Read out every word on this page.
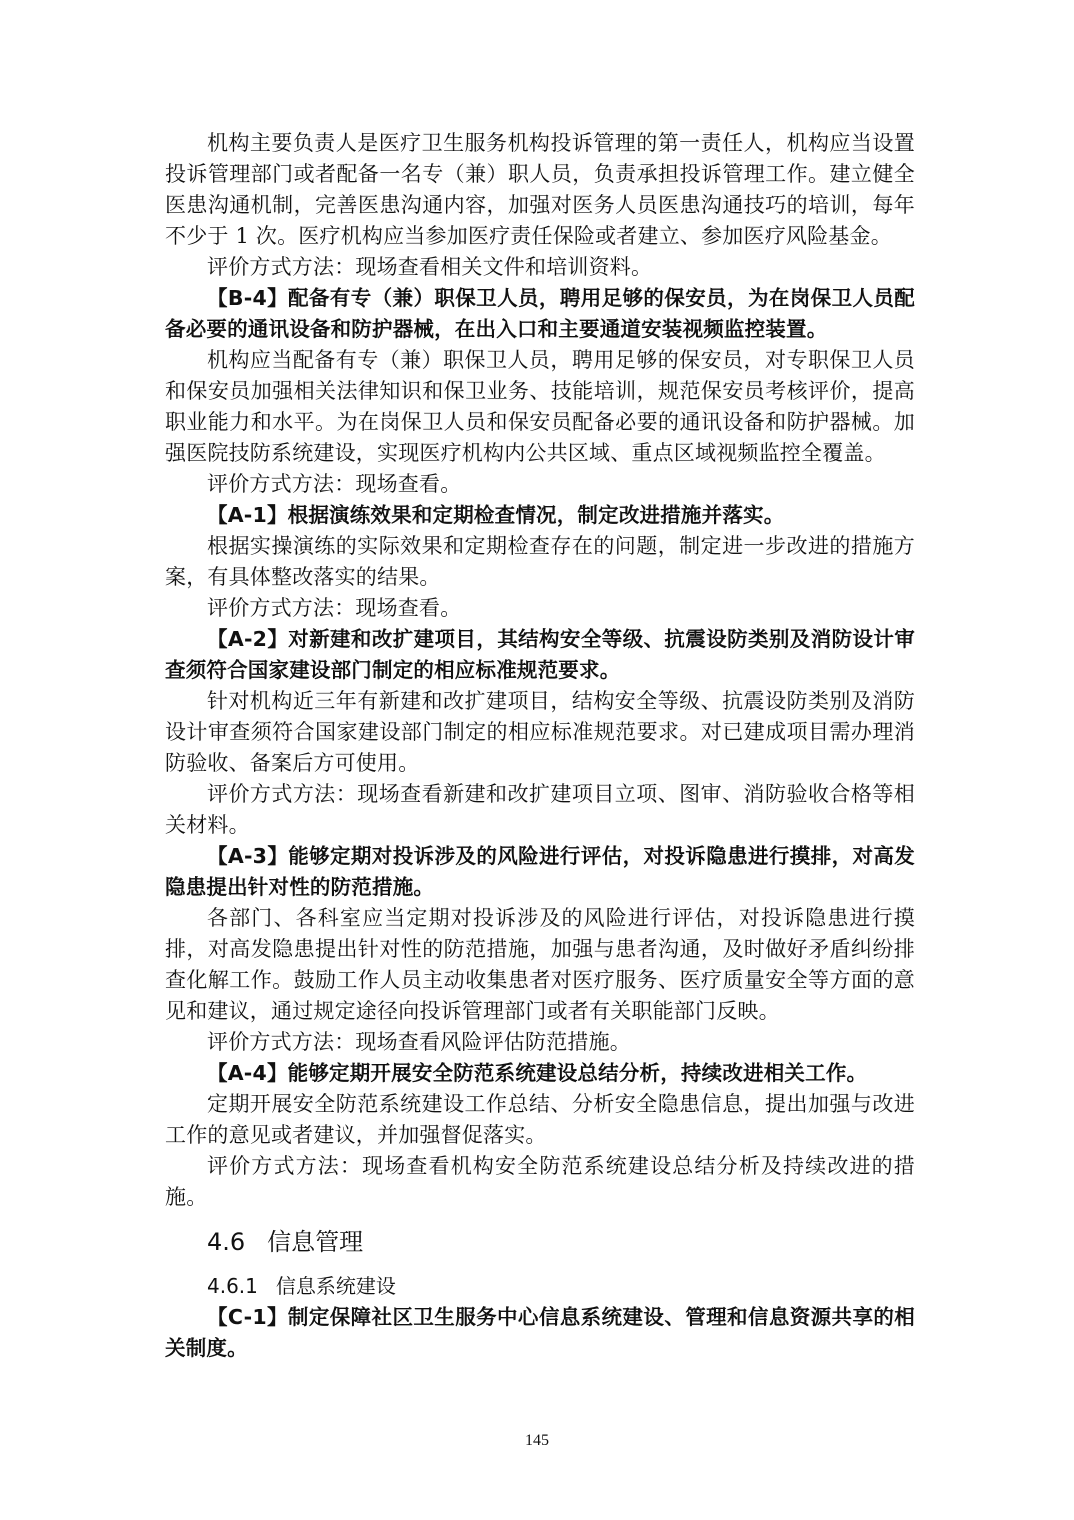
机构主要负责人是医疗卫生服务机构投诉管理的第一责任人，机构应当设置投诉管理部门或者配备一名专（兼）职人员，负责承担投诉管理工作。建立健全医患沟通机制，完善医患沟通内容，加强对医务人员医患沟通技巧的培训，每年不少于 1 次。医疗机构应当参加医疗责任保险或者建立、参加医疗风险基金。

评价方式方法：现场查看相关文件和培训资料。

【B-4】配备有专（兼）职保卫人员，聘用足够的保安员，为在岗保卫人员配备必要的通讯设备和防护器械，在出入口和主要通道安装视频监控装置。

机构应当配备有专（兼）职保卫人员，聘用足够的保安员，对专职保卫人员和保安员加强相关法律知识和保卫业务、技能培训，规范保安员考核评价，提高职业能力和水平。为在岗保卫人员和保安员配备必要的通讯设备和防护器械。加强医院技防系统建设，实现医疗机构内公共区域、重点区域视频监控全覆盖。

评价方式方法：现场查看。

【A-1】根据演练效果和定期检查情况，制定改进措施并落实。

根据实操演练的实际效果和定期检查存在的问题，制定进一步改进的措施方案，有具体整改落实的结果。

评价方式方法：现场查看。

【A-2】对新建和改扩建项目，其结构安全等级、抗震设防类别及消防设计审查须符合国家建设部门制定的相应标准规范要求。

针对机构近三年有新建和改扩建项目，结构安全等级、抗震设防类别及消防设计审查须符合国家建设部门制定的相应标准规范要求。对已建成项目需办理消防验收、备案后方可使用。

评价方式方法：现场查看新建和改扩建项目立项、图审、消防验收合格等相关材料。

【A-3】能够定期对投诉涉及的风险进行评估，对投诉隐患进行摸排，对高发隐患提出针对性的防范措施。

各部门、各科室应当定期对投诉涉及的风险进行评估，对投诉隐患进行摸排，对高发隐患提出针对性的防范措施，加强与患者沟通，及时做好矛盾纠纷排查化解工作。鼓励工作人员主动收集患者对医疗服务、医疗质量安全等方面的意见和建议，通过规定途径向投诉管理部门或者有关职能部门反映。

评价方式方法：现场查看风险评估防范措施。

【A-4】能够定期开展安全防范系统建设总结分析，持续改进相关工作。

定期开展安全防范系统建设工作总结、分析安全隐患信息，提出加强与改进工作的意见或者建议，并加强督促落实。

评价方式方法：现场查看机构安全防范系统建设总结分析及持续改进的措施。

4.6 信息管理
4.6.1 信息系统建设

【C-1】制定保障社区卫生服务中心信息系统建设、管理和信息资源共享的相关制度。

145
